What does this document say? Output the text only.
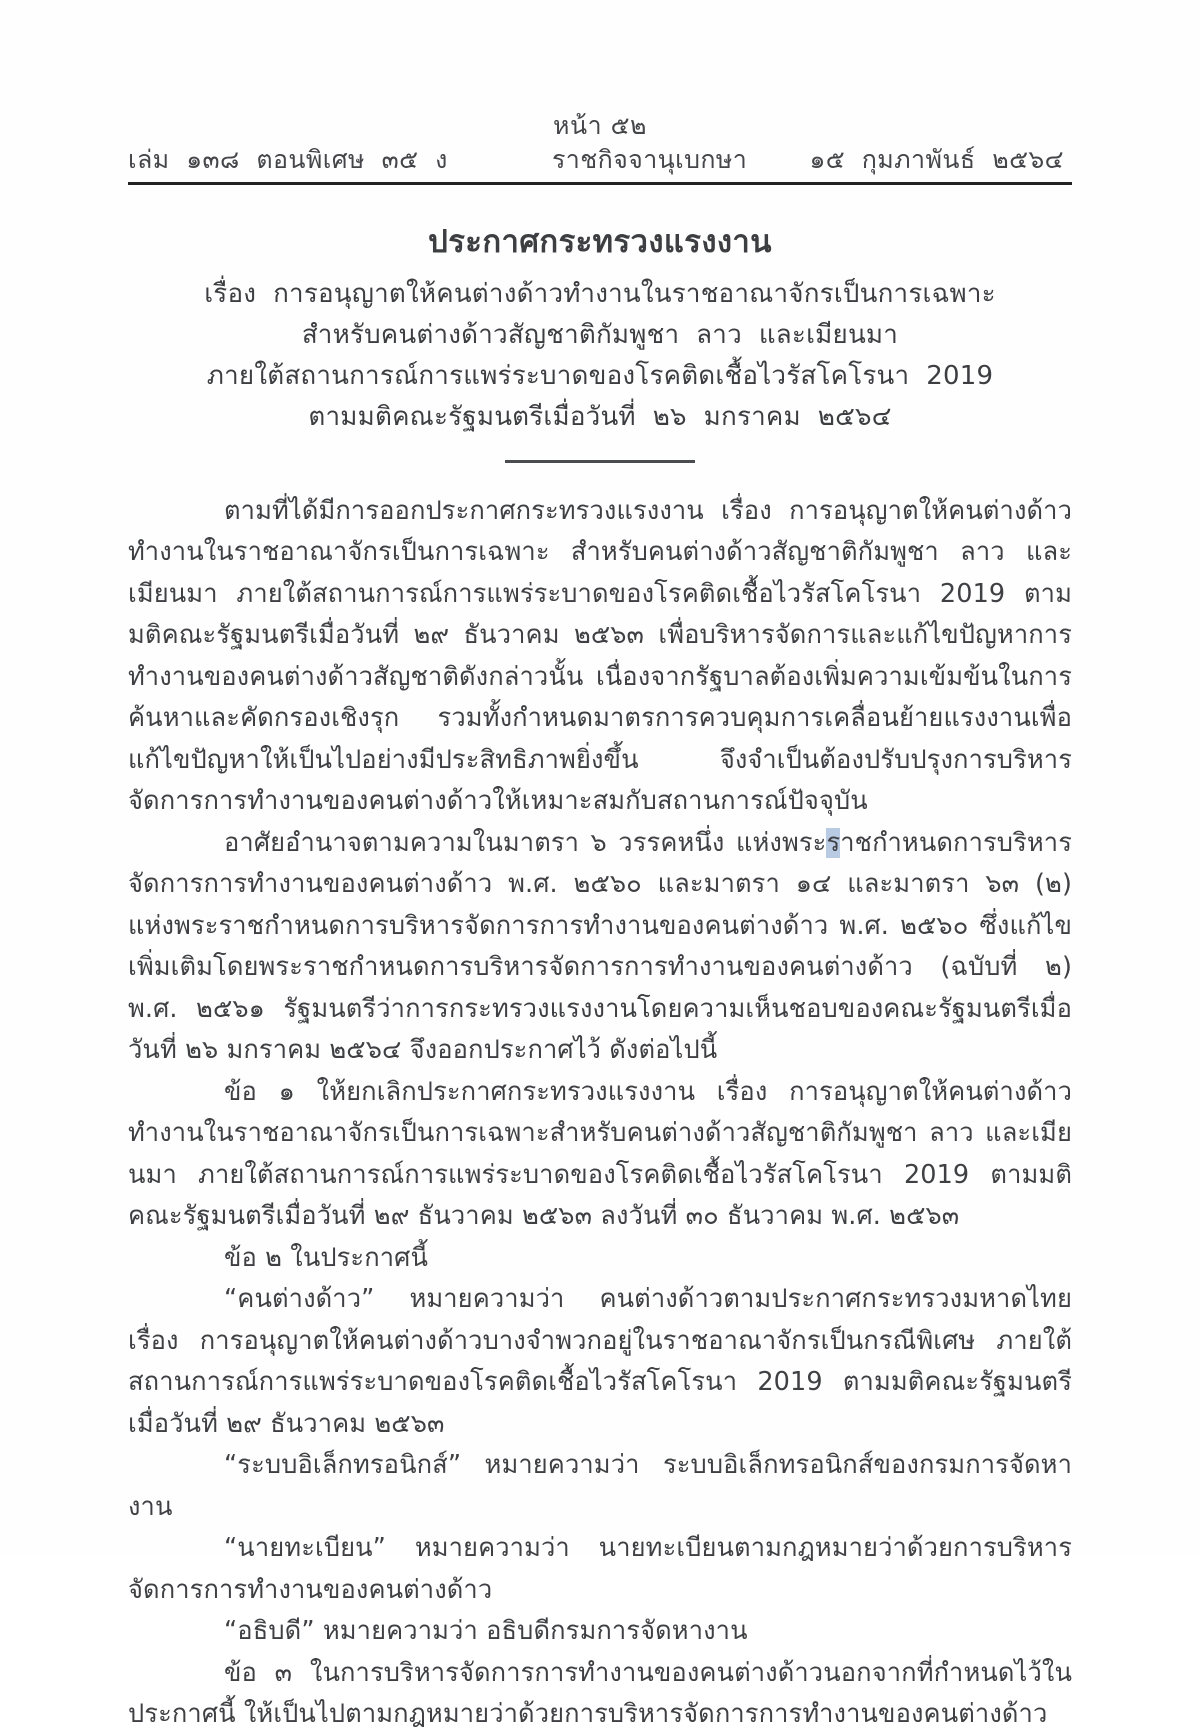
หน้า ๕๒
เล่ม  ๑๓๘  ตอนพิเศษ  ๓๕  ง	ราชกิจจานุเบกษา ๑๕  กุมภาพันธ์  ๒๕๖๔
ประกาศกระทรวงแรงงาน
เรื่อง  การอนุญาตให้คนต่างด้าวทำงานในราชอาณาจักรเป็นการเฉพาะ
สำหรับคนต่างด้าวสัญชาติกัมพูชา  ลาว  และเมียนมา
ภายใต้สถานการณ์การแพร่ระบาดของโรคติดเชื้อไวรัสโคโรนา  2019
ตามมติคณะรัฐมนตรีเมื่อวันที่  ๒๖  มกราคม  ๒๕๖๔

ตามที่ได้มีการออกประกาศกระทรวงแรงงาน เรื่อง การอนุญาตให้คนต่างด้าวทำงานในราชอาณาจักรเป็นการเฉพาะ สำหรับคนต่างด้าวสัญชาติกัมพูชา ลาว และเมียนมา ภายใต้สถานการณ์การแพร่ระบาดของโรคติดเชื้อไวรัสโคโรนา 2019 ตามมติคณะรัฐมนตรีเมื่อวันที่ ๒๙ ธันวาคม ๒๕๖๓ เพื่อบริหารจัดการและแก้ไขปัญหาการทำงานของคนต่างด้าวสัญชาติดังกล่าวนั้น เนื่องจากรัฐบาลต้องเพิ่มความเข้มข้นในการค้นหาและคัดกรองเชิงรุก รวมทั้งกำหนดมาตรการควบคุมการเคลื่อนย้ายแรงงานเพื่อแก้ไขปัญหาให้เป็นไปอย่างมีประสิทธิภาพยิ่งขึ้น จึงจำเป็นต้องปรับปรุงการบริหารจัดการการทำงานของคนต่างด้าวให้เหมาะสมกับสถานการณ์ปัจจุบัน

อาศัยอำนาจตามความในมาตรา ๖ วรรคหนึ่ง แห่งพระราชกำหนดการบริหารจัดการการทำงานของคนต่างด้าว พ.ศ. ๒๕๖๐ และมาตรา ๑๔ และมาตรา ๖๓ (๒) แห่งพระราชกำหนดการบริหารจัดการการทำงานของคนต่างด้าว พ.ศ. ๒๕๖๐ ซึ่งแก้ไขเพิ่มเติมโดยพระราชกำหนดการบริหารจัดการการทำงานของคนต่างด้าว (ฉบับที่ ๒) พ.ศ. ๒๕๖๑ รัฐมนตรีว่าการกระทรวงแรงงานโดยความเห็นชอบของคณะรัฐมนตรีเมื่อวันที่ ๒๖ มกราคม ๒๕๖๔ จึงออกประกาศไว้ ดังต่อไปนี้

ข้อ ๑ ให้ยกเลิกประกาศกระทรวงแรงงาน เรื่อง การอนุญาตให้คนต่างด้าวทำงานในราชอาณาจักรเป็นการเฉพาะสำหรับคนต่างด้าวสัญชาติกัมพูชา ลาว และเมียนมา ภายใต้สถานการณ์การแพร่ระบาดของโรคติดเชื้อไวรัสโคโรนา 2019 ตามมติคณะรัฐมนตรีเมื่อวันที่ ๒๙ ธันวาคม ๒๕๖๓ ลงวันที่ ๓๐ ธันวาคม พ.ศ. ๒๕๖๓

ข้อ ๒ ในประกาศนี้

“คนต่างด้าว” หมายความว่า คนต่างด้าวตามประกาศกระทรวงมหาดไทย เรื่อง การอนุญาตให้คนต่างด้าวบางจำพวกอยู่ในราชอาณาจักรเป็นกรณีพิเศษ ภายใต้สถานการณ์การแพร่ระบาดของโรคติดเชื้อไวรัสโคโรนา 2019 ตามมติคณะรัฐมนตรีเมื่อวันที่ ๒๙ ธันวาคม ๒๕๖๓

“ระบบอิเล็กทรอนิกส์” หมายความว่า ระบบอิเล็กทรอนิกส์ของกรมการจัดหางาน

“นายทะเบียน” หมายความว่า นายทะเบียนตามกฎหมายว่าด้วยการบริหารจัดการการทำงานของคนต่างด้าว

“อธิบดี” หมายความว่า อธิบดีกรมการจัดหางาน

ข้อ ๓ ในการบริหารจัดการการทำงานของคนต่างด้าวนอกจากที่กำหนดไว้ในประกาศนี้ ให้เป็นไปตามกฎหมายว่าด้วยการบริหารจัดการการทำงานของคนต่างด้าว
